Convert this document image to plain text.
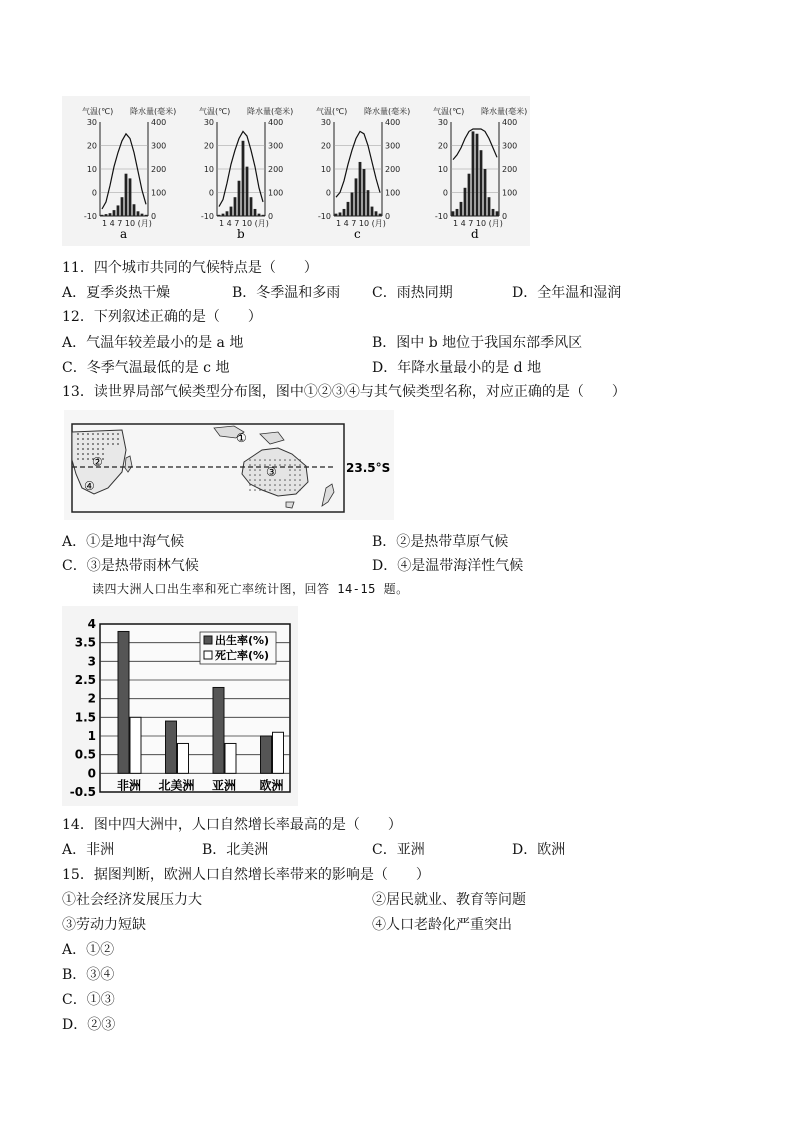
气温(℃) 降水量(毫米)
30	400
20	300
10	200
0	100
-10	0
1 4 7 10 (月)
a
气温(℃) 降水量(毫米)
30	400
20	300
10	200
0	100
-10	0
1 4 7 10 (月)
b
气温(℃) 降水量(毫米)
30	400
20	300
10	200
0	100
-10	0
1 4 7 10 (月)
c
气温(℃) 降水量(毫米)
30	400
20	300
10	200
0	100
-10	0
1 4 7 10 (月)
d
11．四个城市共同的气候特点是（　　）
A．夏季炎热干燥	B．冬季温和多雨 C．雨热同期	D．全年温和湿润
12．下列叙述正确的是（　　）
A．气温年较差最小的是 a 地	B．图中 b 地位于我国东部季风区
C．冬季气温最低的是 c 地	D．年降水量最小的是 d 地
13．读世界局部气候类型分布图，图中①②③④与其气候类型名称，对应正确的是（　　）
①
②
③
④
23.5°S
A．①是地中海气候	B．②是热带草原气候
C．③是热带雨林气候	D．④是温带海洋性气候
读四大洲人口出生率和死亡率统计图，回答 14-15 题。
4
3.5
3
2.5
2
1.5
1
0.5
0
-0.5 非洲 北美洲 亚洲 欧洲
出生率(%)
死亡率(%)
14．图中四大洲中，人口自然增长率最高的是（　　）
A．非洲	B．北美洲	C．亚洲	D．欧洲
15．据图判断，欧洲人口自然增长率带来的影响是（　　）
①社会经济发展压力大	②居民就业、教育等问题
③劳动力短缺	④人口老龄化严重突出
A．①②
B．③④
C．①③
D．②③
